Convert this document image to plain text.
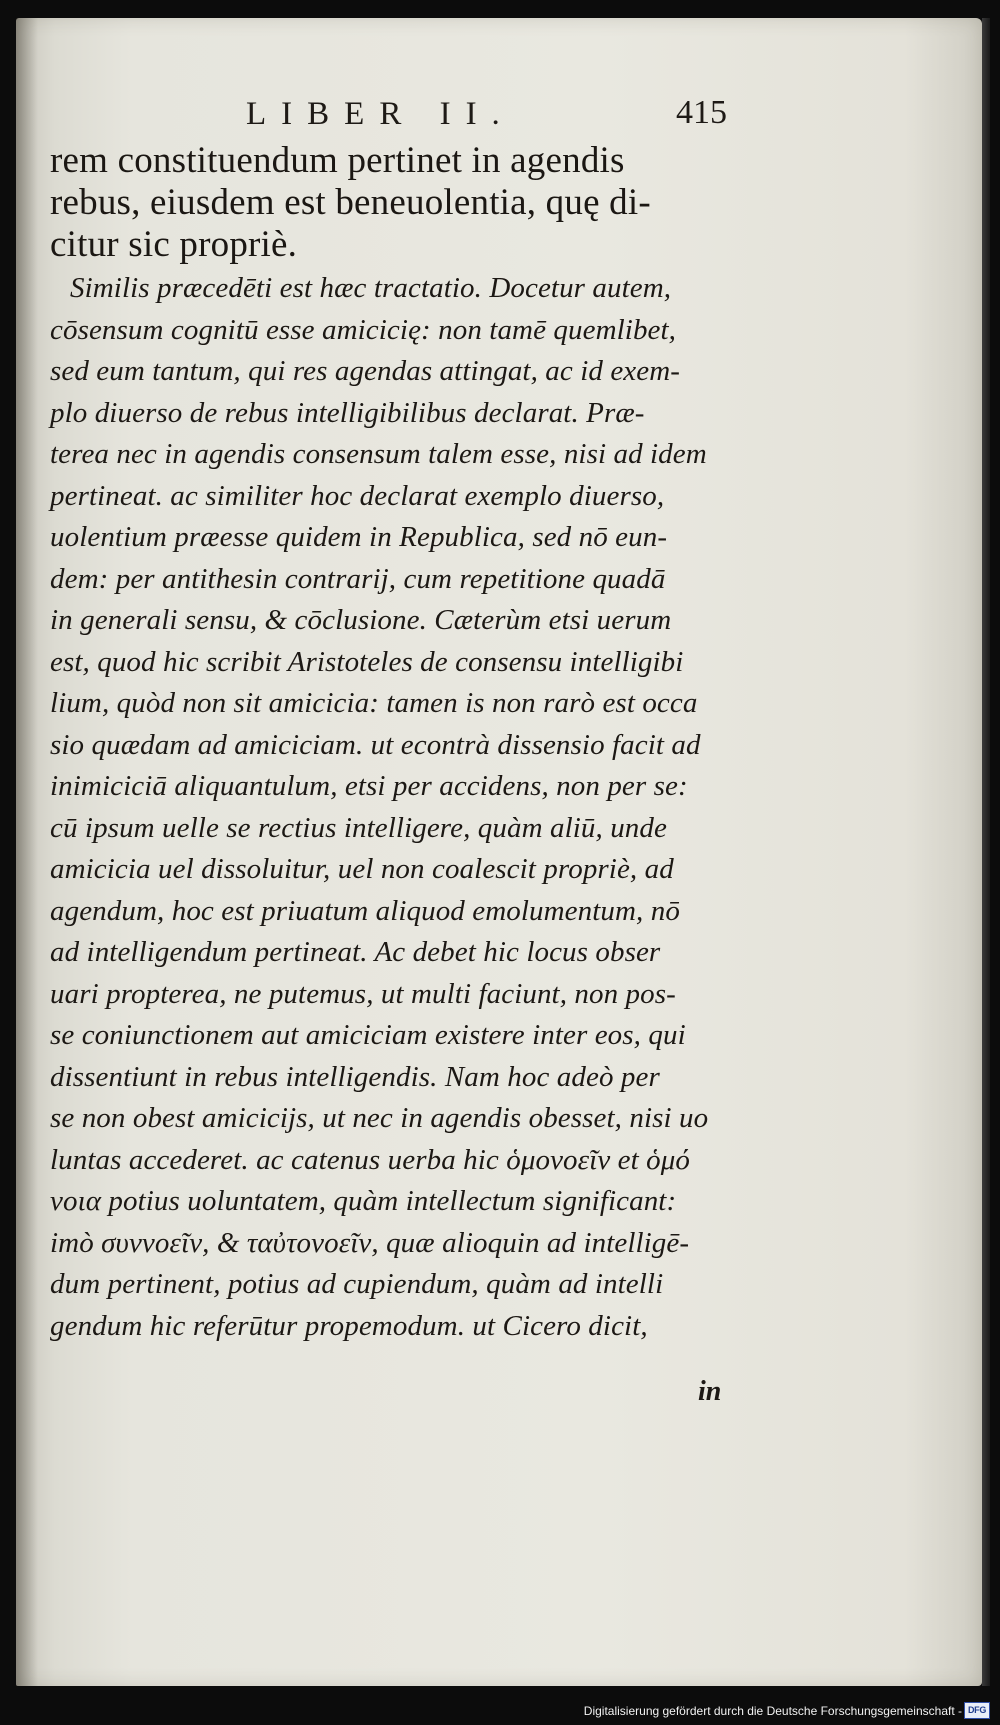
LIBER II.	415
rem constituendum pertinet in agendis
rebus, eiusdem est beneuolentia, quę di-
citur sic propriè.
Similis præcedēti est hæc tractatio. Docetur autem,
cōsensum cognitū esse amicicię: non tamē quemlibet,
sed eum tantum, qui res agendas attingat, ac id exem-
plo diuerso de rebus intelligibilibus declarat. Præ-
terea nec in agendis consensum talem esse, nisi ad idem
pertineat. ac similiter hoc declarat exemplo diuerso,
uolentium præesse quidem in Republica, sed nō eun-
dem: per antithesin contrarij, cum repetitione quadā
in generali sensu, & cōclusione. Cæterùm etsi uerum
est, quod hic scribit Aristoteles de consensu intelligibi
lium, quòd non sit amicicia: tamen is non rarò est occa
sio quædam ad amiciciam. ut econtrà dissensio facit ad
inimiciciā aliquantulum, etsi per accidens, non per se:
cū ipsum uelle se rectius intelligere, quàm aliū, unde
amicicia uel dissoluitur, uel non coalescit propriè, ad
agendum, hoc est priuatum aliquod emolumentum, nō
ad intelligendum pertineat. Ac debet hic locus obser
uari propterea, ne putemus, ut multi faciunt, non pos-
se coniunctionem aut amiciciam existere inter eos, qui
dissentiunt in rebus intelligendis. Nam hoc adeò per
se non obest amicicijs, ut nec in agendis obesset, nisi uo
luntas accederet. ac catenus uerba hic ὁμονοεῖν et ὁμό
νοια potius uoluntatem, quàm intellectum significant:
imò συννοεῖν, & ταὐτονοεῖν, quæ alioquin ad intelligē-
dum pertinent, potius ad cupiendum, quàm ad intelli
gendum hic referūtur propemodum. ut Cicero dicit,
in
Digitalisierung gefördert durch die Deutsche Forschungsgemeinschaft - DFG
